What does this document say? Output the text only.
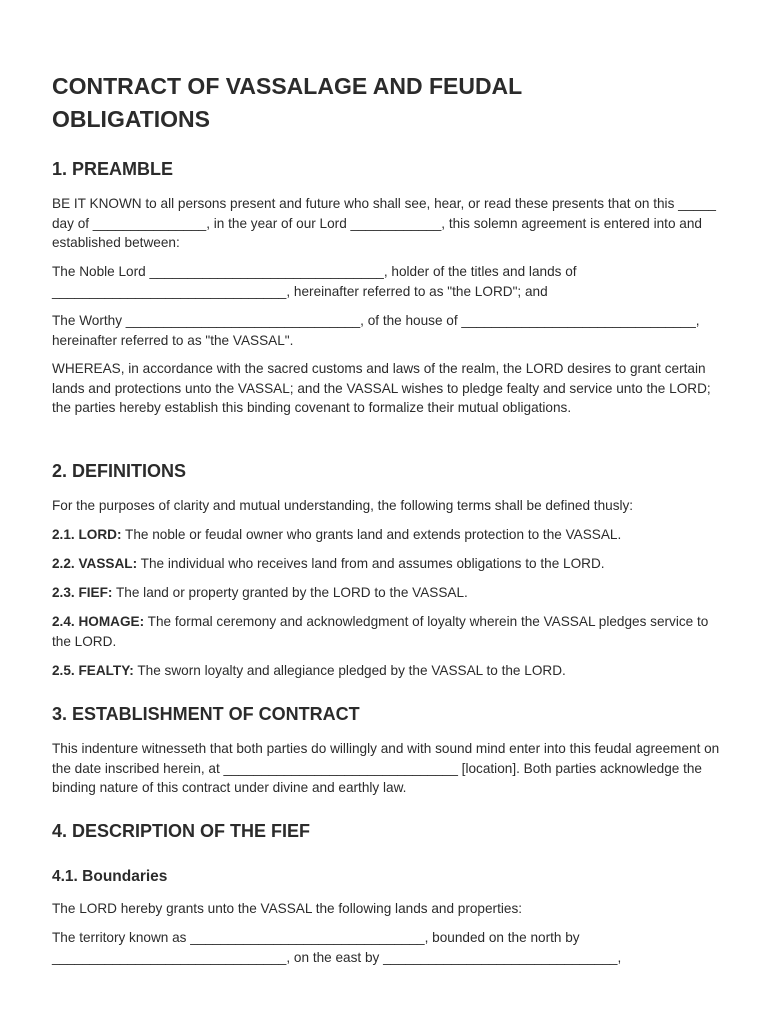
CONTRACT OF VASSALAGE AND FEUDAL OBLIGATIONS
1. PREAMBLE

BE IT KNOWN to all persons present and future who shall see, hear, or read these presents that on this _____ day of _______________, in the year of our Lord ____________, this solemn agreement is entered into and established between:

The Noble Lord _______________________________, holder of the titles and lands of _______________________________, hereinafter referred to as "the LORD"; and

The Worthy _______________________________, of the house of _______________________________, hereinafter referred to as "the VASSAL".

WHEREAS, in accordance with the sacred customs and laws of the realm, the LORD desires to grant certain lands and protections unto the VASSAL; and the VASSAL wishes to pledge fealty and service unto the LORD; the parties hereby establish this binding covenant to formalize their mutual obligations.

2. DEFINITIONS

For the purposes of clarity and mutual understanding, the following terms shall be defined thusly:

2.1. LORD: The noble or feudal owner who grants land and extends protection to the VASSAL.

2.2. VASSAL: The individual who receives land from and assumes obligations to the LORD.

2.3. FIEF: The land or property granted by the LORD to the VASSAL.

2.4. HOMAGE: The formal ceremony and acknowledgment of loyalty wherein the VASSAL pledges service to the LORD.

2.5. FEALTY: The sworn loyalty and allegiance pledged by the VASSAL to the LORD.

3. ESTABLISHMENT OF CONTRACT

This indenture witnesseth that both parties do willingly and with sound mind enter into this feudal agreement on the date inscribed herein, at _______________________________ [location]. Both parties acknowledge the binding nature of this contract under divine and earthly law.

4. DESCRIPTION OF THE FIEF
4.1. Boundaries

The LORD hereby grants unto the VASSAL the following lands and properties:

The territory known as _______________________________, bounded on the north by _______________________________, on the east by _______________________________,
